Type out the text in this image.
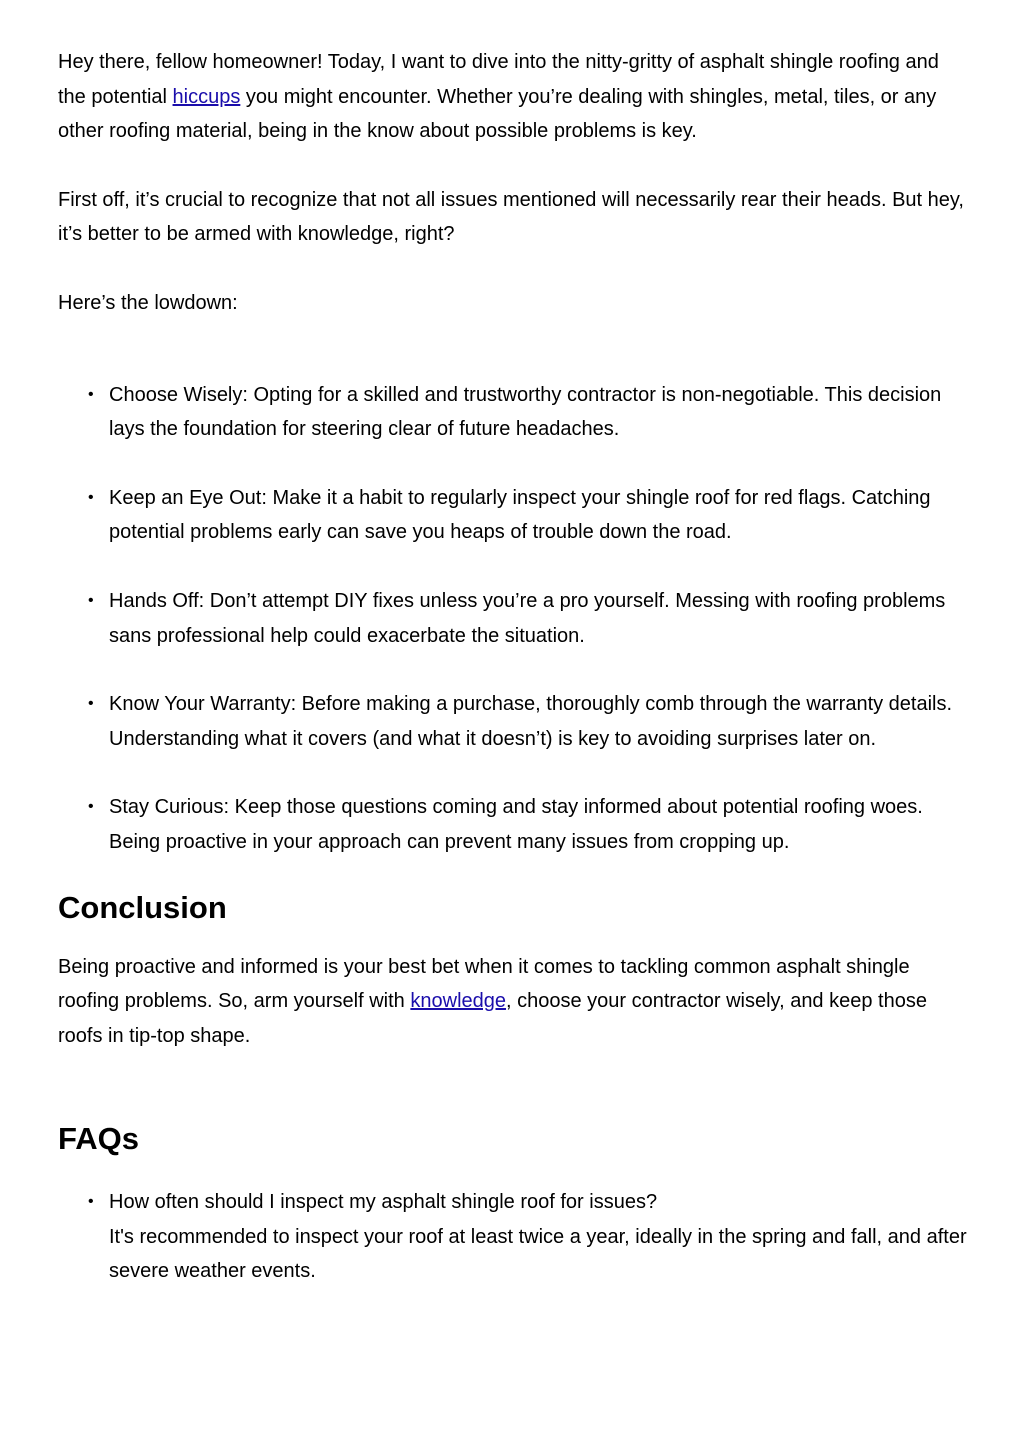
Hey there, fellow homeowner! Today, I want to dive into the nitty-gritty of asphalt shingle roofing and the potential hiccups you might encounter. Whether you’re dealing with shingles, metal, tiles, or any other roofing material, being in the know about possible problems is key.

First off, it’s crucial to recognize that not all issues mentioned will necessarily rear their heads. But hey, it’s better to be armed with knowledge, right?

Here’s the lowdown:

• Choose Wisely: Opting for a skilled and trustworthy contractor is non-negotiable. This decision lays the foundation for steering clear of future headaches.
• Keep an Eye Out: Make it a habit to regularly inspect your shingle roof for red flags. Catching potential problems early can save you heaps of trouble down the road.
• Hands Off: Don’t attempt DIY fixes unless you’re a pro yourself. Messing with roofing problems sans professional help could exacerbate the situation.
• Know Your Warranty: Before making a purchase, thoroughly comb through the warranty details. Understanding what it covers (and what it doesn’t) is key to avoiding surprises later on.
• Stay Curious: Keep those questions coming and stay informed about potential roofing woes. Being proactive in your approach can prevent many issues from cropping up.
Conclusion

Being proactive and informed is your best bet when it comes to tackling common asphalt shingle roofing problems. So, arm yourself with knowledge, choose your contractor wisely, and keep those roofs in tip-top shape.

FAQs
• How often should I inspect my asphalt shingle roof for issues?
It's recommended to inspect your roof at least twice a year, ideally in the spring and fall, and after severe weather events.
